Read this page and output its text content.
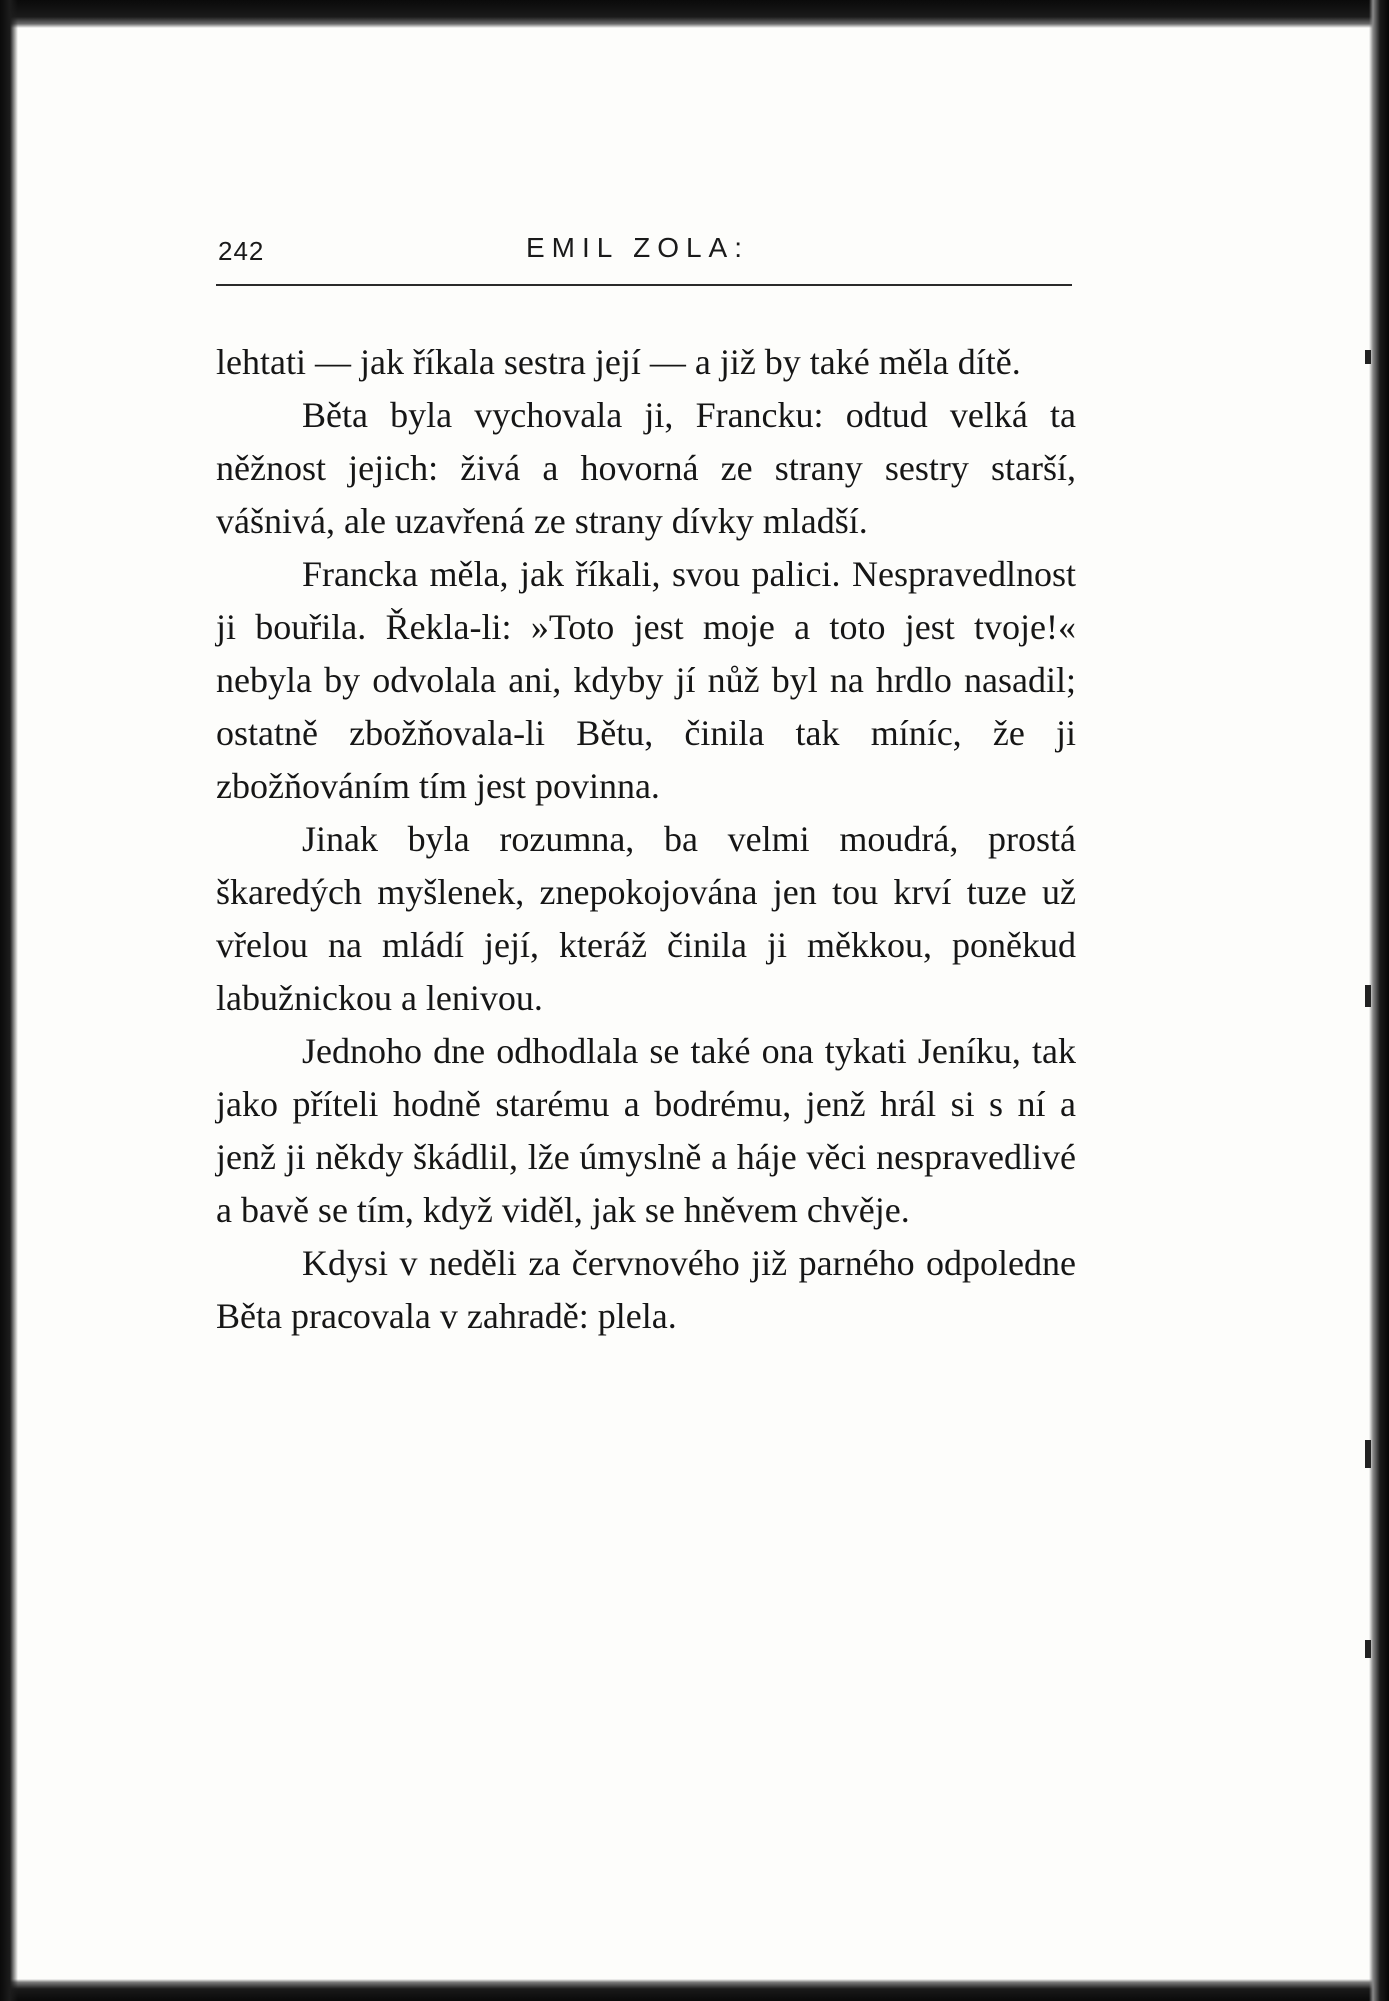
242	EMIL ZOLA:

lehtati — jak říkala sestra její — a již by také měla dítě.

Běta byla vychovala ji, Francku: odtud velká ta něžnost jejich: živá a hovorná ze strany sestry starší, vášnivá, ale uzavřená ze strany dívky mladší.

Francka měla, jak říkali, svou palici. Nespravedlnost ji bouřila. Řekla-li: »Toto jest moje a toto jest tvoje!« nebyla by odvolala ani, kdyby jí nůž byl na hrdlo nasadil; ostatně zbožňovala-li Bětu, činila tak míníc, že ji zbožňováním tím jest povinna.

Jinak byla rozumna, ba velmi moudrá, prostá škaredých myšlenek, znepokojována jen tou krví tuze už vřelou na mládí její, kteráž činila ji měkkou, poněkud labužnickou a lenivou.

Jednoho dne odhodlala se také ona tykati Jeníku, tak jako příteli hodně starému a bodrému, jenž hrál si s ní a jenž ji někdy škádlil, lže úmyslně a háje věci nespravedlivé a bavě se tím, když viděl, jak se hněvem chvěje.

Kdysi v neděli za červnového již parného odpoledne Běta pracovala v zahradě: plela.
